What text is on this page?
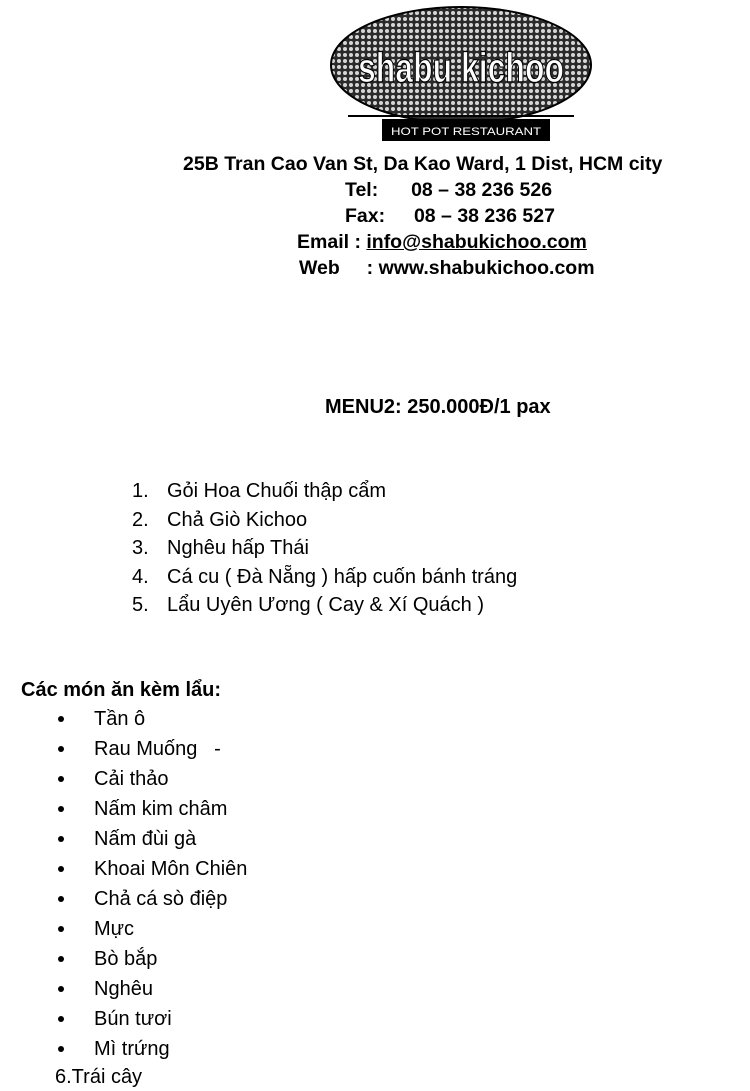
shabu kichoo
HOT POT RESTAURANT
25B Tran Cao Van St, Da Kao Ward, 1 Dist, HCM city
Tel: 08 – 38 236 526
Fax: 08 – 38 236 527
Email : info@shabukichoo.com
Web : www.shabukichoo.com
MENU2: 250.000Đ/1 pax
1. Gỏi Hoa Chuối thập cẩm
2. Chả Giò Kichoo
3. Nghêu hấp Thái
4. Cá cu ( Đà Nẵng ) hấp cuốn bánh tráng
5. Lẩu Uyên Ương ( Cay & Xí Quách )
Các món ăn kèm lẩu:
Tần ô
Rau Muống   -
Cải thảo
Nấm kim châm
Nấm đùi gà
Khoai Môn Chiên
Chả cá sò điệp
Mực
Bò bắp
Nghêu
Bún tươi
Mì trứng
6.Trái cây
